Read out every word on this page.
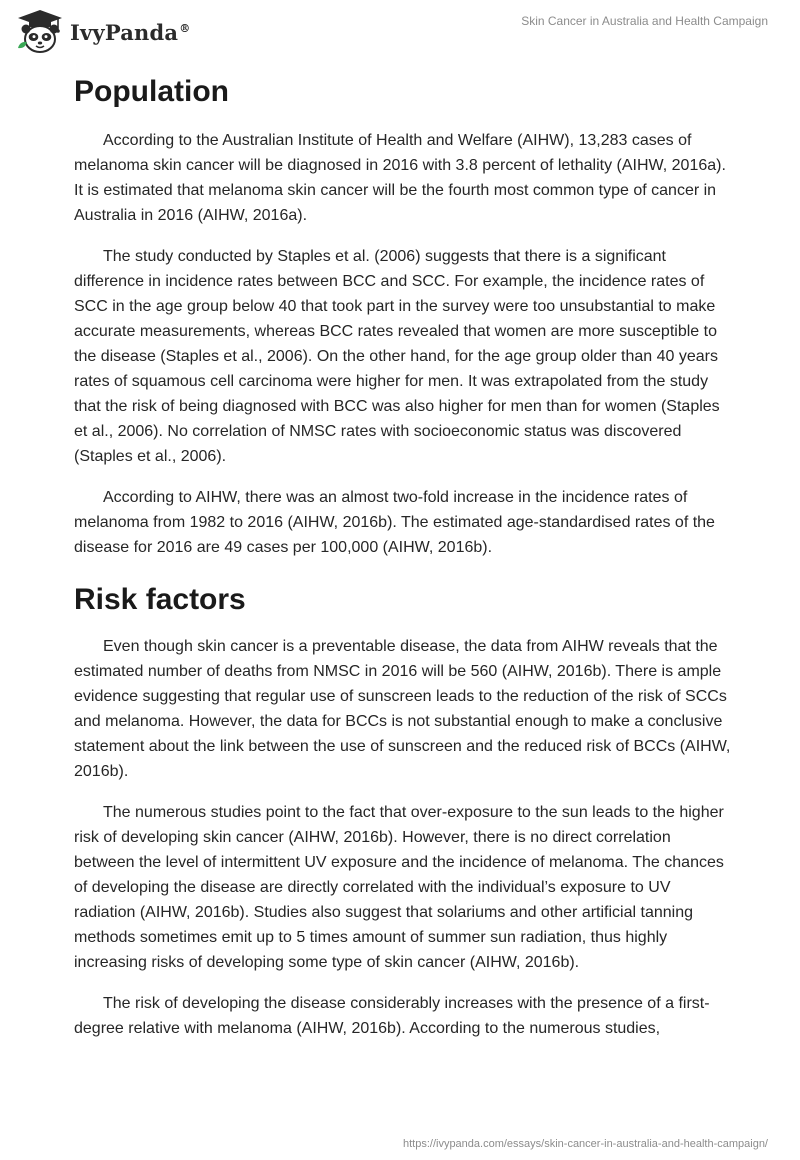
IvyPanda®	Skin Cancer in Australia and Health Campaign
Population

According to the Australian Institute of Health and Welfare (AIHW), 13,283 cases of melanoma skin cancer will be diagnosed in 2016 with 3.8 percent of lethality (AIHW, 2016a). It is estimated that melanoma skin cancer will be the fourth most common type of cancer in Australia in 2016 (AIHW, 2016a).

The study conducted by Staples et al. (2006) suggests that there is a significant difference in incidence rates between BCC and SCC. For example, the incidence rates of SCC in the age group below 40 that took part in the survey were too unsubstantial to make accurate measurements, whereas BCC rates revealed that women are more susceptible to the disease (Staples et al., 2006). On the other hand, for the age group older than 40 years rates of squamous cell carcinoma were higher for men. It was extrapolated from the study that the risk of being diagnosed with BCC was also higher for men than for women (Staples et al., 2006). No correlation of NMSC rates with socioeconomic status was discovered (Staples et al., 2006).

According to AIHW, there was an almost two-fold increase in the incidence rates of melanoma from 1982 to 2016 (AIHW, 2016b). The estimated age-standardised rates of the disease for 2016 are 49 cases per 100,000 (AIHW, 2016b).

Risk factors

Even though skin cancer is a preventable disease, the data from AIHW reveals that the estimated number of deaths from NMSC in 2016 will be 560 (AIHW, 2016b). There is ample evidence suggesting that regular use of sunscreen leads to the reduction of the risk of SCCs and melanoma. However, the data for BCCs is not substantial enough to make a conclusive statement about the link between the use of sunscreen and the reduced risk of BCCs (AIHW, 2016b).

The numerous studies point to the fact that over-exposure to the sun leads to the higher risk of developing skin cancer (AIHW, 2016b). However, there is no direct correlation between the level of intermittent UV exposure and the incidence of melanoma. The chances of developing the disease are directly correlated with the individual’s exposure to UV radiation (AIHW, 2016b). Studies also suggest that solariums and other artificial tanning methods sometimes emit up to 5 times amount of summer sun radiation, thus highly increasing risks of developing some type of skin cancer (AIHW, 2016b).

The risk of developing the disease considerably increases with the presence of a first-degree relative with melanoma (AIHW, 2016b). According to the numerous studies,

https://ivypanda.com/essays/skin-cancer-in-australia-and-health-campaign/
